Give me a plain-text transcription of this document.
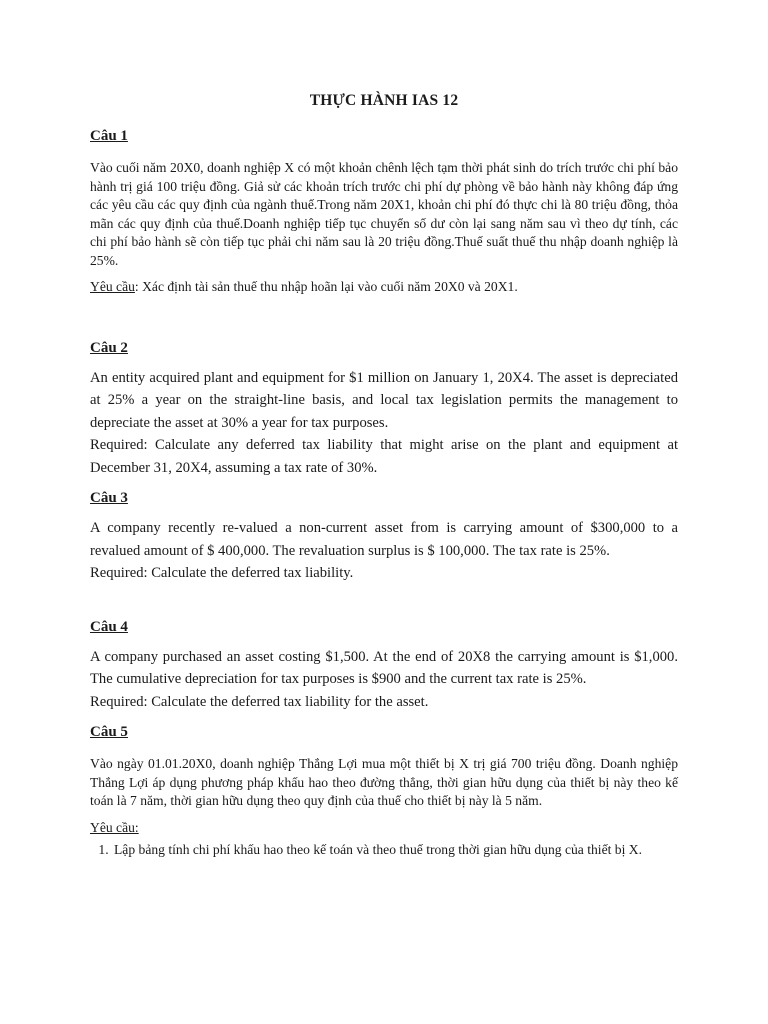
THỰC HÀNH IAS 12

Câu 1

Vào cuối năm 20X0, doanh nghiệp X có một khoản chênh lệch tạm thời phát sinh do trích trước chi phí bảo hành trị giá 100 triệu đồng. Giả sử các khoản trích trước chi phí dự phòng về bảo hành này không đáp ứng các yêu cầu các quy định của ngành thuế.Trong năm 20X1, khoản chi phí đó thực chi là 80 triệu đồng, thỏa mãn các quy định của thuế.Doanh nghiệp tiếp tục chuyển số dư còn lại sang năm sau vì theo dự tính, các chi phí bảo hành sẽ còn tiếp tục phải chi năm sau là 20 triệu đồng.Thuế suất thuế thu nhập doanh nghiệp là 25%.

Yêu cầu: Xác định tài sản thuế thu nhập hoãn lại vào cuối năm 20X0 và 20X1.

Câu 2

An entity acquired plant and equipment for $1 million on January 1, 20X4. The asset is depreciated at 25% a year on the straight-line basis, and local tax legislation permits the management to depreciate the asset at 30% a year for tax purposes.

Required: Calculate any deferred tax liability that might arise on the plant and equipment at December 31, 20X4, assuming a tax rate of 30%.

Câu 3

A company recently re-valued a non-current asset from is carrying amount of $300,000 to a revalued amount of $ 400,000. The revaluation surplus is $ 100,000. The tax rate is 25%.

Required: Calculate the deferred tax liability.

Câu 4

A company purchased an asset costing $1,500. At the end of 20X8 the carrying amount is $1,000. The cumulative depreciation for tax purposes is $900 and the current tax rate is 25%.

Required: Calculate the deferred tax liability for the asset.

Câu 5

Vào ngày 01.01.20X0, doanh nghiệp Thắng Lợi mua một thiết bị X trị giá 700 triệu đồng. Doanh nghiệp Thắng Lợi áp dụng phương pháp khấu hao theo đường thẳng, thời gian hữu dụng của thiết bị này theo kế toán là 7 năm, thời gian hữu dụng theo quy định của thuế cho thiết bị này là 5 năm.

Yêu cầu:

1. Lập bảng tính chi phí khấu hao theo kế toán và theo thuế trong thời gian hữu dụng của thiết bị X.
